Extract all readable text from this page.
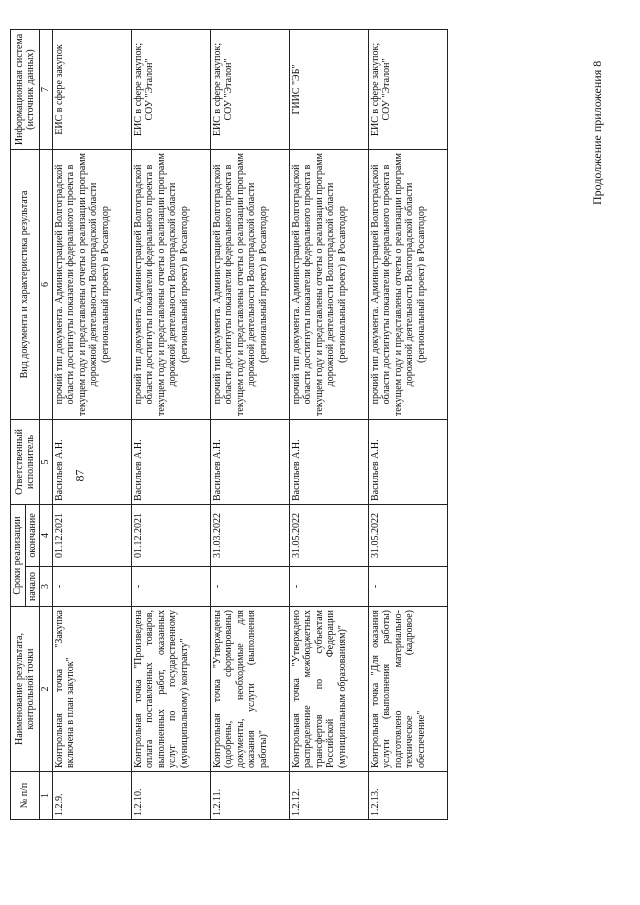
87
Продолжение приложения 8
№ п/п	Наименование результата, контрольной точки	Сроки реализации		Ответственный исполнитель	Вид документа и характеристика результата	Информационная система (источник данных)
		начало	окончание			
1	2	3	4	5	6	7
1.2.9.	Контрольная точка "Закупка включена в план закупок"	-	01.12.2021	Васильев А.Н.	прочий тип документа. Администрацией Волгоградской области достигнуты показатели федерального проекта в текущем году и представлены отчеты о реализации программ дорожной деятельности Волгоградской области (региональный проект) в Росавтодор	ЕИС в сфере закупок
1.2.10.	Контрольная точка "Произведена оплата поставленных товаров, выполненных работ, оказанных услуг по государственному (муниципальному) контракту"	-	01.12.2021	Васильев А.Н.	прочий тип документа. Администрацией Волгоградской области достигнуты показатели федерального проекта в текущем году и представлены отчеты о реализации программ дорожной деятельности Волгоградской области (региональный проект) в Росавтодор	ЕИС в сфере закупок; СОУ "Эталон"
1.2.11.	Контрольная точка "Утверждены (одобрены, сформированы) документы, необходимые для оказания услуги (выполнения работы)"	-	31.03.2022	Васильев А.Н.	прочий тип документа. Администрацией Волгоградской области достигнуты показатели федерального проекта в текущем году и представлены отчеты о реализации программ дорожной деятельности Волгоградской области (региональный проект) в Росавтодор	ЕИС в сфере закупок; СОУ "Эталон"
1.2.12.	Контрольная точка "Утверждено распределение межбюджетных трансфертов по субъектам Российской Федерации (муниципальным образованиям)"	-	31.05.2022	Васильев А.Н.	прочий тип документа. Администрацией Волгоградской области достигнуты показатели федерального проекта в текущем году и представлены отчеты о реализации программ дорожной деятельности Волгоградской области (региональный проект) в Росавтодор	ГИИС "ЭБ"
1.2.13.	Контрольная точка "Для оказания услуги (выполнения работы) подготовлено материально-техническое (кадровое) обеспечение"	-	31.05.2022	Васильев А.Н.	прочий тип документа. Администрацией Волгоградской области достигнуты показатели федерального проекта в текущем году и представлены отчеты о реализации программ дорожной деятельности Волгоградской области (региональный проект) в Росавтодор	ЕИС в сфере закупок; СОУ "Эталон"
